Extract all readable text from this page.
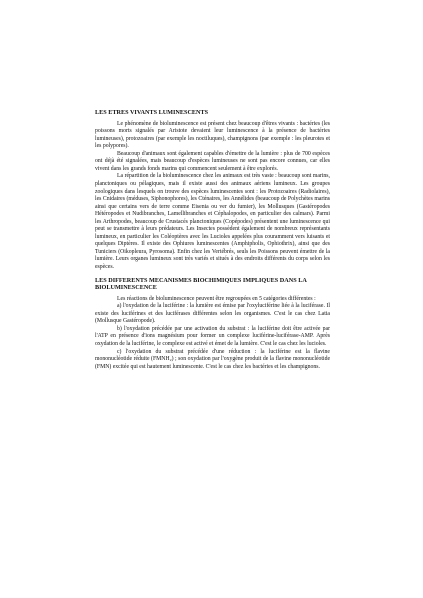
LES ETRES VIVANTS LUMINESCENTS

Le phénomène de bioluminescence est présent chez beaucoup d'êtres vivants : bactéries (les poissons morts signalés par Aristote devaient leur luminescence à la présence de bactéries lumineuses), protozoaires (par exemple les noctiluques), champignons (par exemple : les pleurotes et les polypores).

Beaucoup d'animaux sont également capables d'émettre de la lumière : plus de 700 espèces ont déjà été signalées, mais beaucoup d'espèces lumineuses ne sont pas encore connues, car elles vivent dans les grands fonds marins qui commencent seulement à être explorés.

La répartition de la bioluminescence chez les animaux est très vaste : beaucoup sont marins, planctoniques ou pélagiques, mais il existe aussi des animaux aériens lumineux. Les groupes zoologiques dans lesquels on trouve des espèces luminescentes sont : les Protozoaires (Radiolaires), les Cnidaires (méduses, Siphonophores), les Cténaires, les Annélides (beaucoup de Polychètes marins ainsi que certains vers de terre comme Eisenia ou ver du fumier), les Mollusques (Gastéropodes Hétéropodes et Nudibranches, Lamellibranches et Céphalopodes, en particulier des calmars). Parmi les Arthropodes, beaucoup de Crustacés planctoniques (Copépodes) présentent une luminescence qui peut se transmettre à leurs prédateurs. Les Insectes possèdent également de nombreux représentants lumineux, en particulier les Coléoptères avec les Lucioles appelées plus couramment vers luisants et quelques Diptères. Il existe des Ophiures luminescentes (Amphipholis, Ophiothrix), ainsi que des Tuniciers (Oikopleura, Pyrosoma). Enfin chez les Vertébrés, seuls les Poissons peuvent émettre de la lumière. Leurs organes lumineux sont très variés et situés à des endroits différents du corps selon les espèces.

LES DIFFERENTS MECANISMES BIOCHIMIQUES IMPLIQUES DANS LA BIOLUMINESCENCE

Les réactions de bioluminescence peuvent être regroupées en 5 catégories différentes :

a) l'oxydation de la luciférine : la lumière est émise par l'oxyluciférine liée à la luciférase. Il existe des luciférines et des luciférases différentes selon les organismes. C'est le cas chez Latia (Mollusque Gastéropode).

b) l'oxydation précédée par une activation du substrat : la luciférine doit être activée par l'ATP en présence d'ions magnésium pour former un complexe luciférine-luciférase-AMP. Après oxydation de la luciférine, le complexe est activé et émet de la lumière. C'est le cas chez les lucioles.

c) l'oxydation du substrat précédée d'une réduction : la luciférine est la flavine mononucléotide réduite (FMNH₂) ; son oxydation par l'oxygène produit de la flavine mononucléotide (FMN) excitée qui est hautement luminescente. C'est le cas chez les bactéries et les champignons.
